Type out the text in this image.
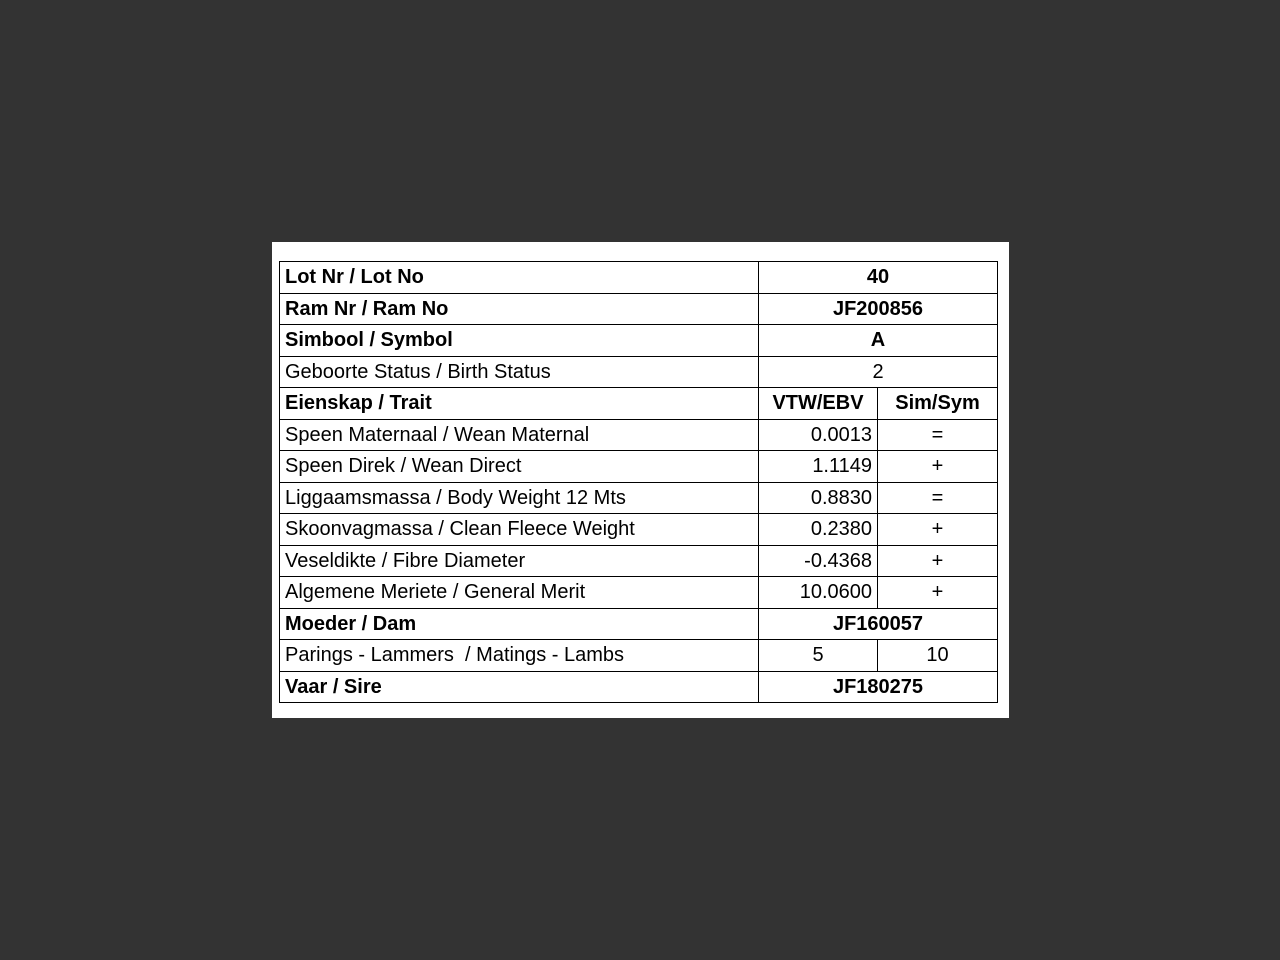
Lot Nr / Lot No	40	
Ram Nr / Ram No	JF200856	
Simbool / Symbol	A	
Geboorte Status / Birth Status	2	
Eienskap / Trait	VTW/EBV	Sim/Sym
Speen Maternaal / Wean Maternal	0.0013	=
Speen Direk / Wean Direct	1.1149	+
Liggaamsmassa / Body Weight 12 Mts	0.8830	=
Skoonvagmassa / Clean Fleece Weight	0.2380	+
Veseldikte / Fibre Diameter	-0.4368	+
Algemene Meriete / General Merit	10.0600	+
Moeder / Dam	JF160057	
Parings - Lammers  / Matings - Lambs	5	10
Vaar / Sire	JF180275	
